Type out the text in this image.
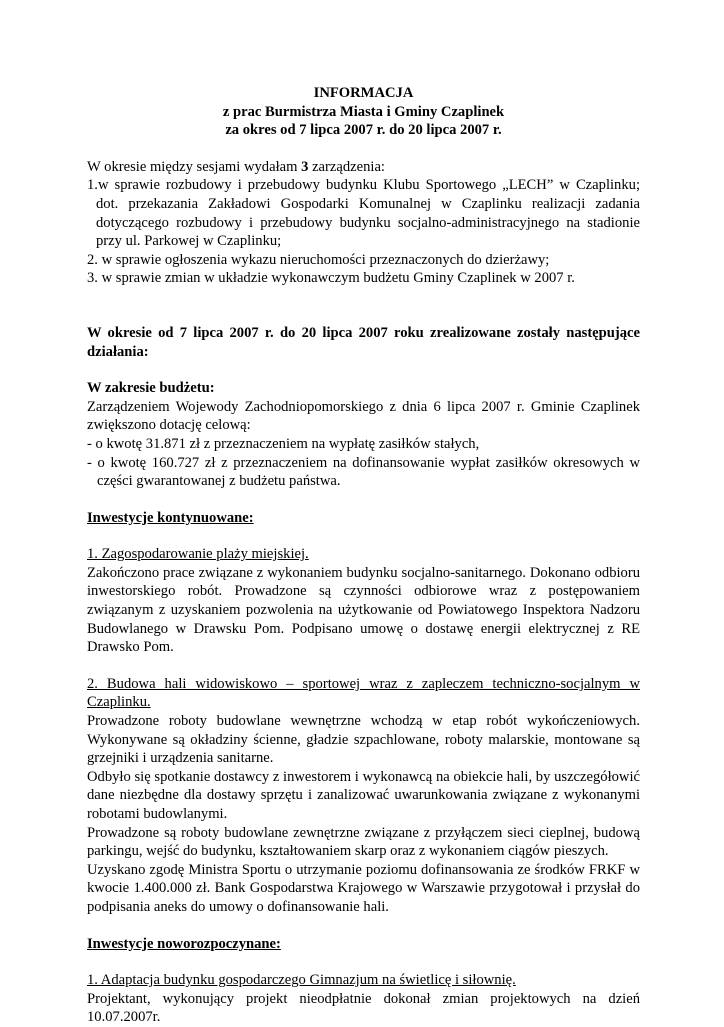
INFORMACJA

z prac Burmistrza Miasta i Gminy Czaplinek

za okres od 7 lipca 2007 r. do 20 lipca 2007 r.

W okresie między sesjami wydałam 3 zarządzenia:

1.w sprawie rozbudowy i przebudowy budynku Klubu Sportowego „LECH” w Czaplinku; dot. przekazania Zakładowi Gospodarki Komunalnej w Czaplinku realizacji zadania dotyczącego rozbudowy i przebudowy budynku socjalno-administracyjnego na stadionie przy ul. Parkowej w Czaplinku;

2. w sprawie ogłoszenia wykazu nieruchomości przeznaczonych do dzierżawy;

3. w sprawie zmian w układzie wykonawczym budżetu Gminy Czaplinek w 2007 r.

W okresie od 7 lipca 2007 r. do 20 lipca 2007 roku zrealizowane zostały następujące działania:

W zakresie budżetu:

Zarządzeniem Wojewody Zachodniopomorskiego z dnia 6 lipca 2007 r. Gminie Czaplinek zwiększono dotację celową:

- o kwotę 31.871 zł z przeznaczeniem na wypłatę zasiłków stałych,

- o kwotę 160.727 zł z przeznaczeniem na dofinansowanie wypłat zasiłków okresowych w części gwarantowanej z budżetu państwa.

Inwestycje kontynuowane:

1. Zagospodarowanie plaży miejskiej.

Zakończono prace związane z wykonaniem budynku socjalno-sanitarnego. Dokonano odbioru inwestorskiego robót. Prowadzone są czynności odbiorowe wraz z postępowaniem związanym z uzyskaniem pozwolenia na użytkowanie od Powiatowego Inspektora Nadzoru Budowlanego w Drawsku Pom. Podpisano umowę o dostawę energii elektrycznej z RE Drawsko Pom.

2. Budowa hali widowiskowo – sportowej wraz z zapleczem techniczno-socjalnym w Czaplinku.

Prowadzone roboty budowlane wewnętrzne wchodzą w etap robót wykończeniowych. Wykonywane są okładziny ścienne, gładzie szpachlowane, roboty malarskie, montowane są grzejniki i urządzenia sanitarne.

Odbyło się spotkanie dostawcy z inwestorem i wykonawcą na obiekcie hali, by uszczegółowić dane niezbędne dla dostawy sprzętu i zanalizować uwarunkowania związane z wykonanymi robotami budowlanymi.

Prowadzone są roboty budowlane zewnętrzne związane z przyłączem sieci cieplnej, budową parkingu, wejść do budynku, kształtowaniem skarp oraz z wykonaniem ciągów pieszych.

Uzyskano zgodę Ministra Sportu o utrzymanie poziomu dofinansowania ze środków FRKF w kwocie 1.400.000 zł. Bank Gospodarstwa Krajowego w Warszawie przygotował i przysłał do podpisania aneks do umowy o dofinansowanie hali.

Inwestycje noworozpoczynane:

1. Adaptacja budynku gospodarczego Gimnazjum na świetlicę i siłownię.

Projektant, wykonujący projekt nieodpłatnie dokonał zmian projektowych na dzień 10.07.2007r.
